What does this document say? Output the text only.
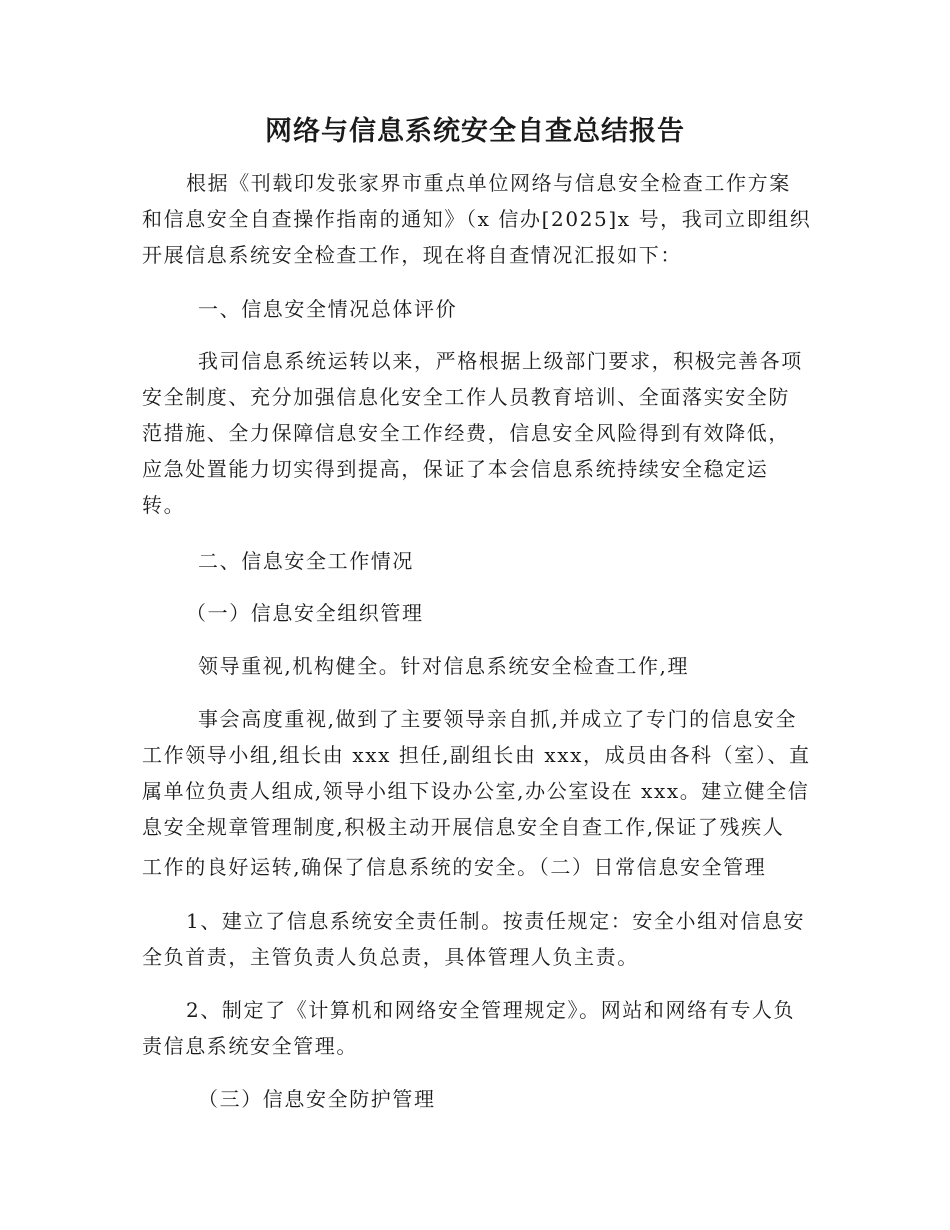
网络与信息系统安全自查总结报告
根据《刊载印发张家界市重点单位网络与信息安全检查工作方案
和信息安全自查操作指南的通知》（x 信办[2025]x 号，我司立即组织
开展信息系统安全检查工作，现在将自查情况汇报如下：
一、信息安全情况总体评价
我司信息系统运转以来，严格根据上级部门要求，积极完善各项
安全制度、充分加强信息化安全工作人员教育培训、全面落实安全防
范措施、全力保障信息安全工作经费，信息安全风险得到有效降低，
应急处置能力切实得到提高，保证了本会信息系统持续安全稳定运
转。
二、信息安全工作情况
（一）信息安全组织管理
领导重视,机构健全。针对信息系统安全检查工作,理
事会高度重视,做到了主要领导亲自抓,并成立了专门的信息安全
工作领导小组,组长由 xxx 担任,副组长由 xxx，成员由各科（室）、直
属单位负责人组成,领导小组下设办公室,办公室设在 xxx。建立健全信
息安全规章管理制度,积极主动开展信息安全自查工作,保证了残疾人
工作的良好运转,确保了信息系统的安全。（二）日常信息安全管理
1、建立了信息系统安全责任制。按责任规定：安全小组对信息安
全负首责，主管负责人负总责，具体管理人负主责。
2、制定了《计算机和网络安全管理规定》。网站和网络有专人负
责信息系统安全管理。
（三）信息安全防护管理
